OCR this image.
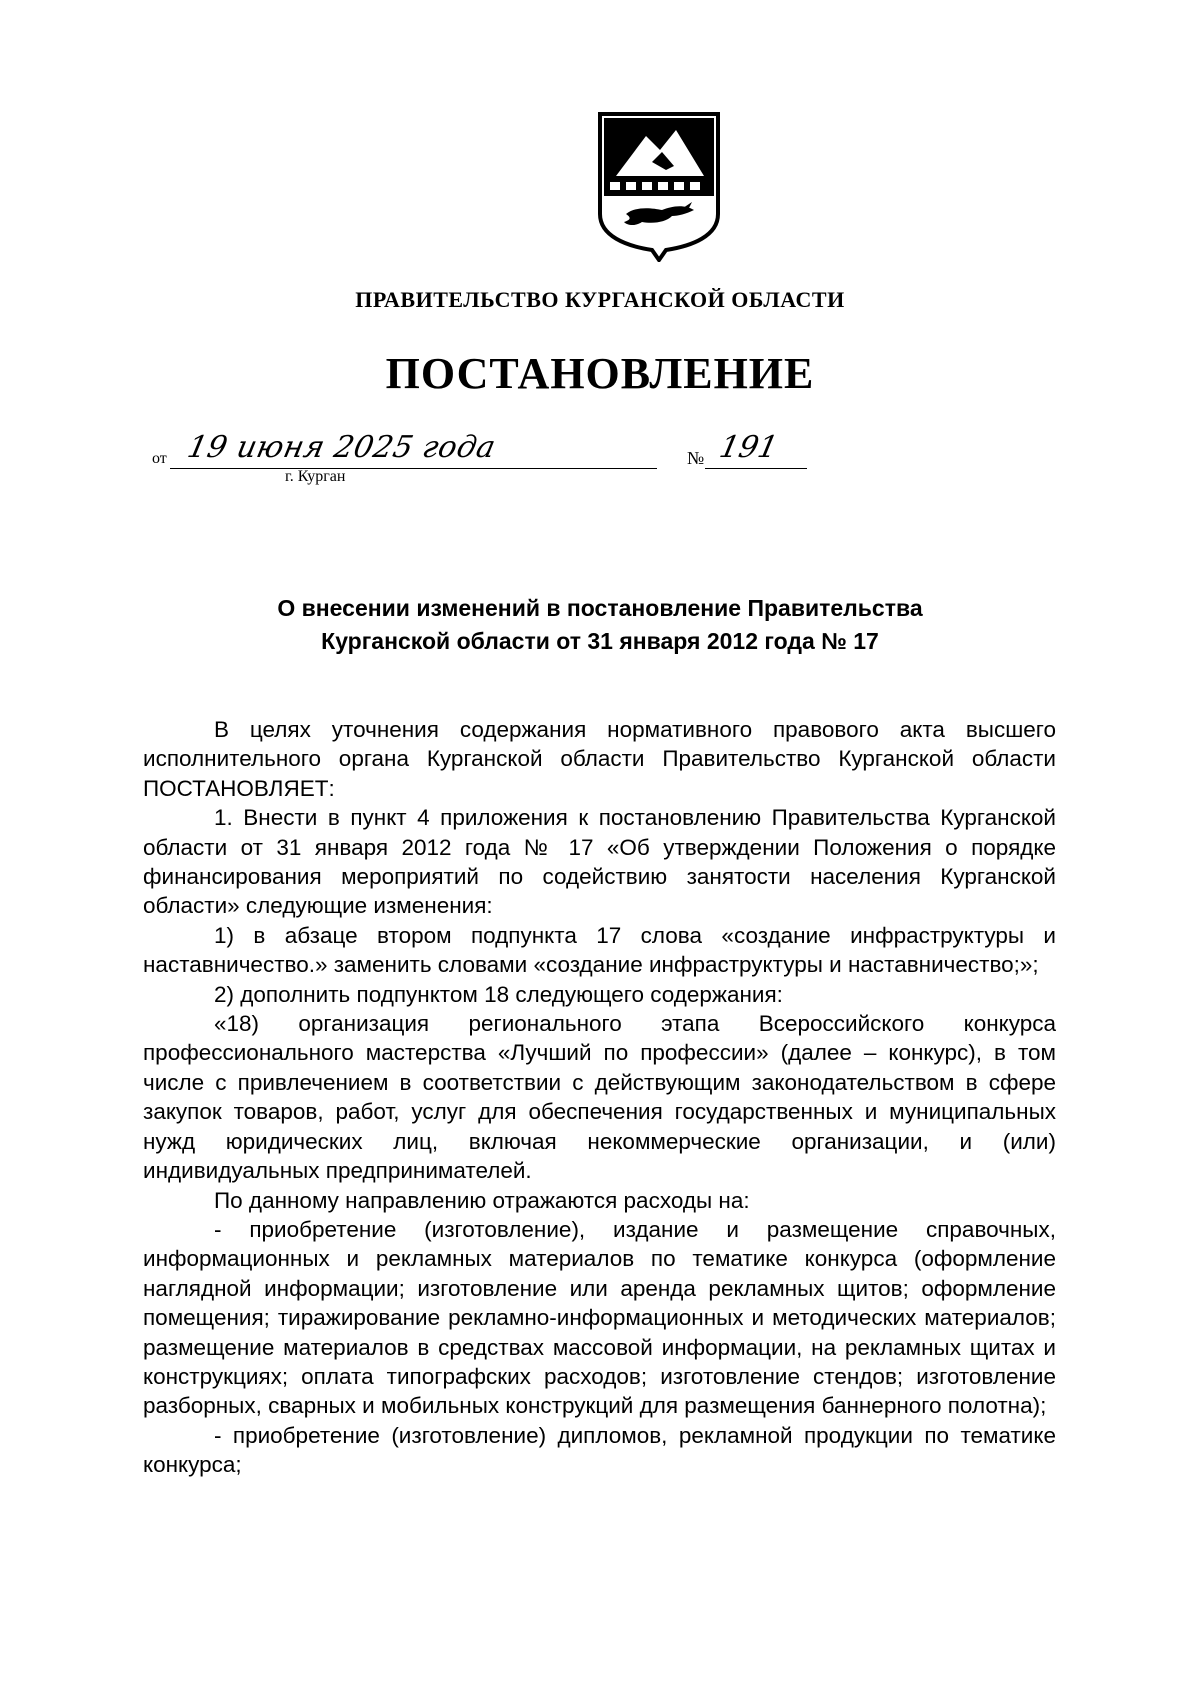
ПРАВИТЕЛЬСТВО КУРГАНСКОЙ ОБЛАСТИ
ПОСТАНОВЛЕНИЕ
от 19 июня 2025 года	№ 191
г. Курган
О внесении изменений в постановление Правительства
Курганской области от 31 января 2012 года № 17

В целях уточнения содержания нормативного правового акта высшего исполнительного органа Курганской области Правительство Курганской области

ПОСТАНОВЛЯЕТ:

1. Внести в пункт 4 приложения к постановлению Правительства Курганской области от 31 января 2012 года № 17 «Об утверждении Положения о порядке финансирования мероприятий по содействию занятости населения Курганской области» следующие изменения:

1) в абзаце втором подпункта 17 слова «создание инфраструктуры и наставничество.» заменить словами «создание инфраструктуры и наставничество;»;

2) дополнить подпунктом 18 следующего содержания:

«18) организация регионального этапа Всероссийского конкурса профессионального мастерства «Лучший по профессии» (далее – конкурс), в том числе с привлечением в соответствии с действующим законодательством в сфере закупок товаров, работ, услуг для обеспечения государственных и муниципальных нужд юридических лиц, включая некоммерческие организации, и (или) индивидуальных предпринимателей.

По данному направлению отражаются расходы на:

- приобретение (изготовление), издание и размещение справочных, информационных и рекламных материалов по тематике конкурса (оформление наглядной информации; изготовление или аренда рекламных щитов; оформление помещения; тиражирование рекламно-информационных и методических материалов; размещение материалов в средствах массовой информации, на рекламных щитах и конструкциях; оплата типографских расходов; изготовление стендов; изготовление разборных, сварных и мобильных конструкций для размещения баннерного полотна);

- приобретение (изготовление) дипломов, рекламной продукции по тематике конкурса;
